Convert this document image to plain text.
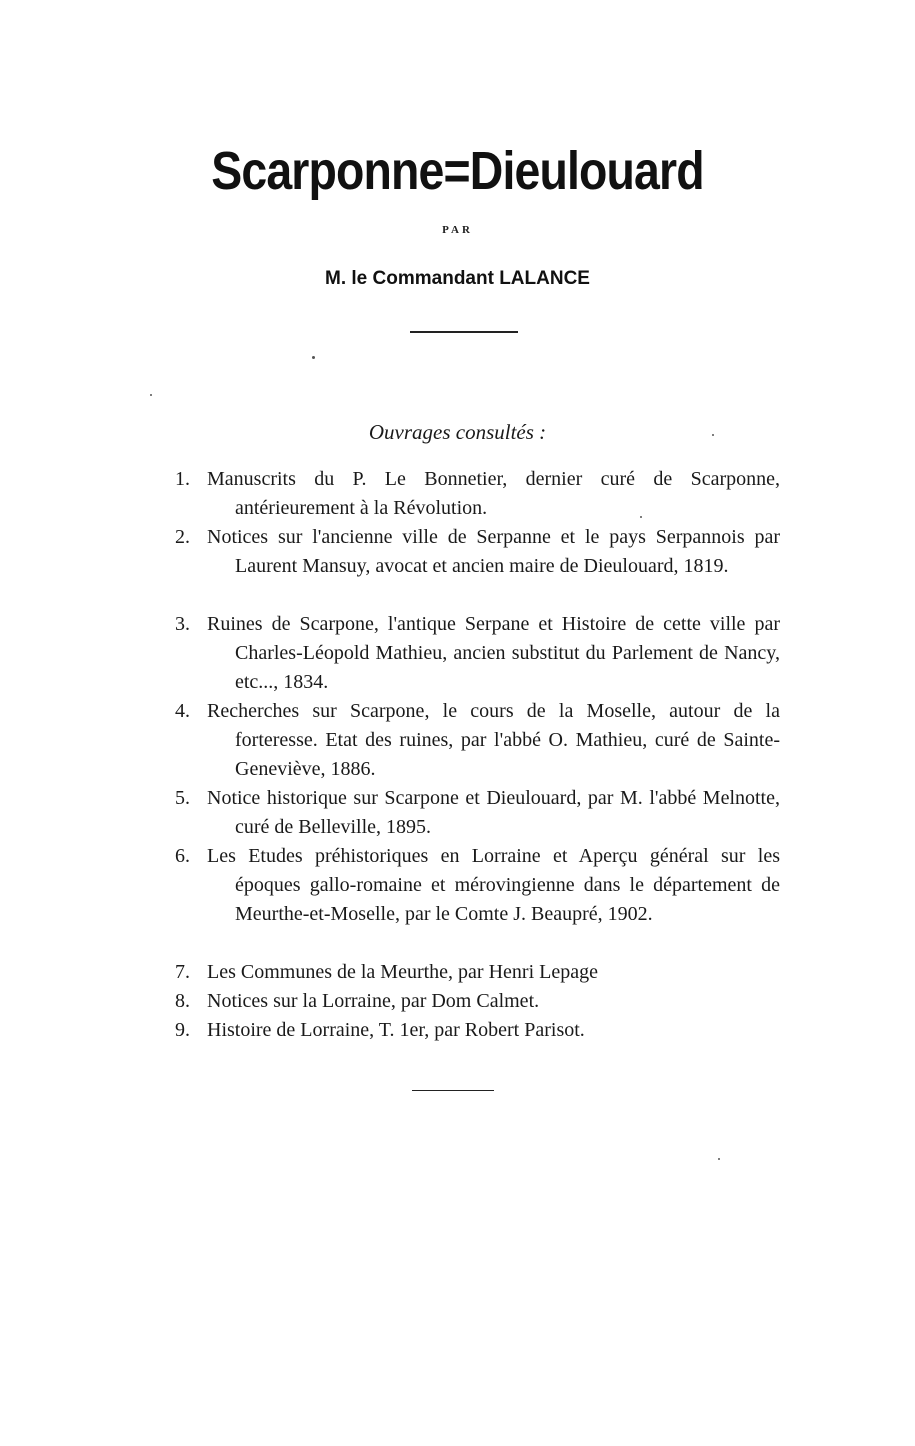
Scarponne=Dieulouard
PAR
M. le Commandant LALANCE
Ouvrages consultés :
1. Manuscrits du P. Le Bonnetier, dernier curé de Scarponne, antérieurement à la Révolution.
2. Notices sur l'ancienne ville de Serpanne et le pays Serpannois par Laurent Mansuy, avocat et ancien maire de Dieulouard, 1819.
3. Ruines de Scarpone, l'antique Serpane et Histoire de cette ville par Charles-Léopold Mathieu, ancien substitut du Parlement de Nancy, etc..., 1834.
4. Recherches sur Scarpone, le cours de la Moselle, autour de la forteresse. Etat des ruines, par l'abbé O. Mathieu, curé de Sainte-Geneviève, 1886.
5. Notice historique sur Scarpone et Dieulouard, par M. l'abbé Melnotte, curé de Belleville, 1895.
6. Les Etudes préhistoriques en Lorraine et Aperçu général sur les époques gallo-romaine et mérovingienne dans le département de Meurthe-et-Moselle, par le Comte J. Beaupré, 1902.
7. Les Communes de la Meurthe, par Henri Lepage
8. Notices sur la Lorraine, par Dom Calmet.
9. Histoire de Lorraine, T. 1er, par Robert Parisot.
